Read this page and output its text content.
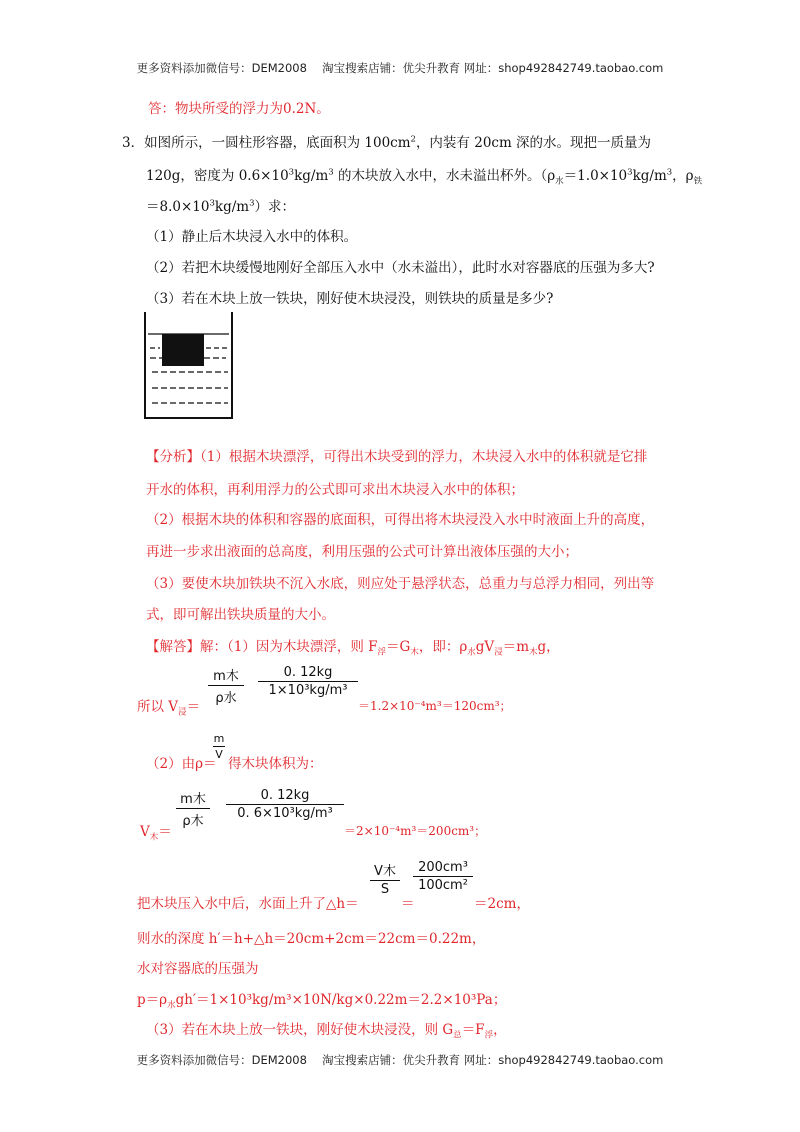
更多资料添加微信号：DEM2008　 淘宝搜索店铺：优尖升教育 网址：shop492842749.taobao.com
答：物块所受的浮力为0.2N。
3．如图所示，一圆柱形容器，底面积为 $100cm^2$，内装有 20cm 深的水。现把一质量为
120g，密度为 $0.6\times 10^3kg/m^3$ 的木块放入水中，水未溢出杯外。（$\rho_水=1.0\times 10^3kg/m^3$，$\rho_铁$
$=8.0\times 10^3kg/m^3$）求：
（1）静止后木块浸入水中的体积。
（2）若把木块缓慢地刚好全部压入水中（水未溢出），此时水对容器底的压强为多大?
（3）若在木块上放一铁块，刚好使木块浸没，则铁块的质量是多少?
【分析】（1）根据木块漂浮，可得出木块受到的浮力，木块浸入水中的体积就是它排
开水的体积，再利用浮力的公式即可求出木块浸入水中的体积；
（2）根据木块的体积和容器的底面积，可得出将木块浸没入水中时液面上升的高度，
再进一步求出液面的总高度，利用压强的公式可计算出液体压强的大小；
（3）要使木块加铁块不沉入水底，则应处于悬浮状态，总重力与总浮力相同，列出等
式，即可解出铁块质量的大小。
【解答】解：（1）因为木块漂浮，则 $F_浮=G_木$，即：$\rho_水gV_浸=m_木g$，
所以 $V_浸=$
m木
ρ水
0. 12kg
1×10³kg/m³
＝1.2×10⁻⁴m³＝120cm³；
（2）由ρ＝
m
V
得木块体积为：
$V_木=$
m木
ρ木
0. 12kg
0. 6×10³kg/m³
＝2×10⁻⁴m³＝200cm³；
把木块压入水中后，水面上升了△h＝
V木
S
＝
200cm³
100cm²
＝2cm，
则水的深度 h′＝h+△h＝20cm+2cm＝22cm＝0.22m，
水对容器底的压强为
$p=\rho_水gh'=1\times 10^3kg/m^3\times 10N/kg\times 0.22m=2.2\times 10^3Pa$；
（3）若在木块上放一铁块，刚好使木块浸没，则 $G_总=F_浮$，
更多资料添加微信号：DEM2008　 淘宝搜索店铺：优尖升教育 网址：shop492842749.taobao.com
